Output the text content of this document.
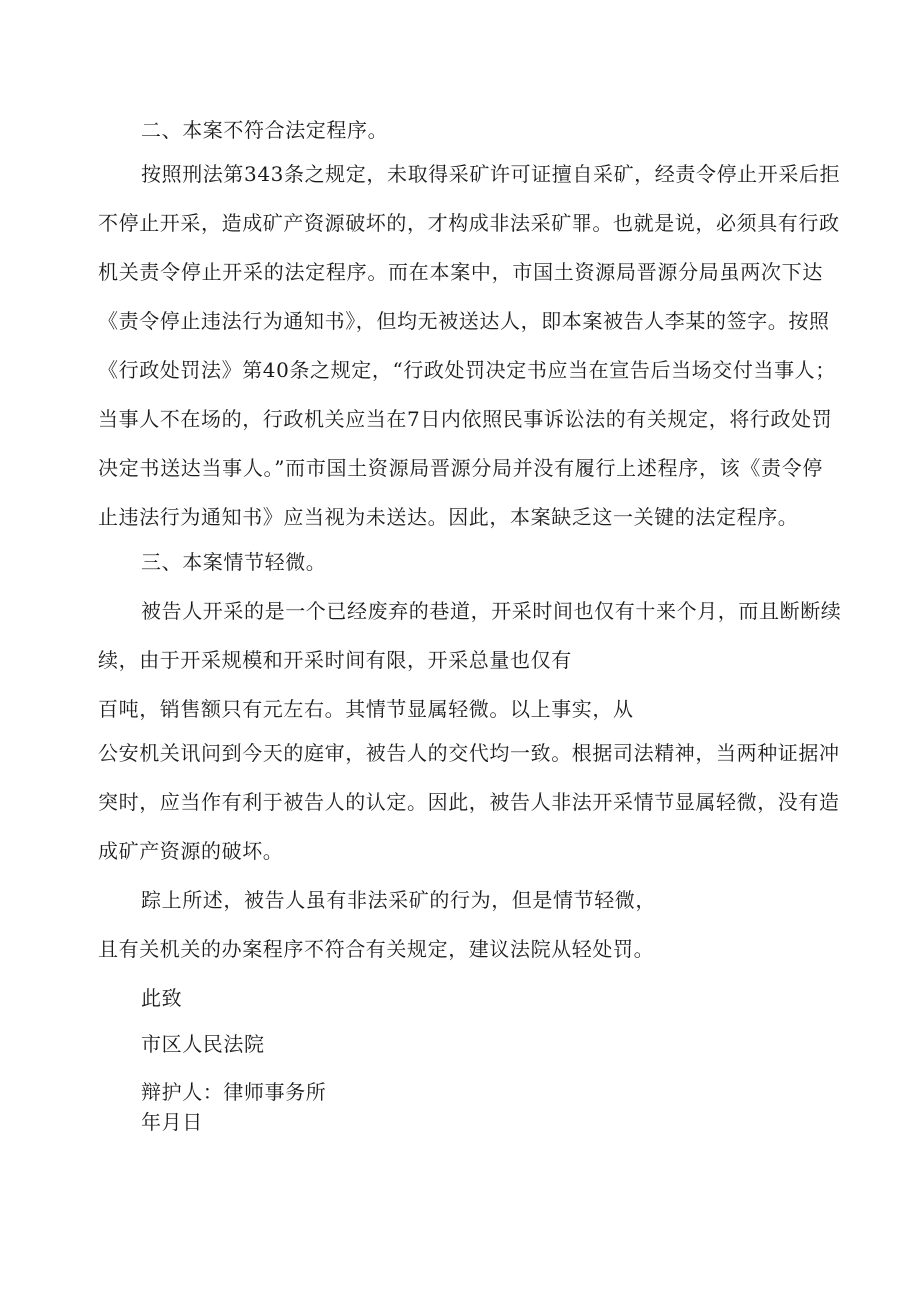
二、本案不符合法定程序。
按照刑法第343条之规定，未取得采矿许可证擅自采矿，经责令停止开采后拒
不停止开采，造成矿产资源破坏的，才构成非法采矿罪。也就是说，必须具有行政
机关责令停止开采的法定程序。而在本案中，市国土资源局晋源分局虽两次下达
《责令停止违法行为通知书》，但均无被送达人，即本案被告人李某的签字。按照
《行政处罚法》第40条之规定，“行政处罚决定书应当在宣告后当场交付当事人；
当事人不在场的，行政机关应当在7日内依照民事诉讼法的有关规定，将行政处罚
决定书送达当事人。”而市国土资源局晋源分局并没有履行上述程序，该《责令停
止违法行为通知书》应当视为未送达。因此，本案缺乏这一关键的法定程序。
三、本案情节轻微。
被告人开采的是一个已经废弃的巷道，开采时间也仅有十来个月，而且断断续
续，由于开采规模和开采时间有限，开采总量也仅有
百吨，销售额只有元左右。其情节显属轻微。以上事实，从
公安机关讯问到今天的庭审，被告人的交代均一致。根据司法精神，当两种证据冲
突时，应当作有利于被告人的认定。因此，被告人非法开采情节显属轻微，没有造
成矿产资源的破坏。
踪上所述，被告人虽有非法采矿的行为，但是情节轻微，
且有关机关的办案程序不符合有关规定，建议法院从轻处罚。
此致
市区人民法院
辩护人：律师事务所
年月日
